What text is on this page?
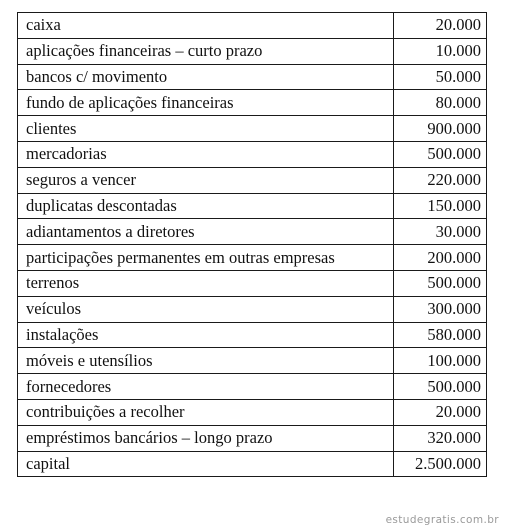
caixa	20.000
aplicações financeiras – curto prazo	10.000
bancos c/ movimento	50.000
fundo de aplicações financeiras	80.000
clientes	900.000
mercadorias	500.000
seguros a vencer	220.000
duplicatas descontadas	150.000
adiantamentos a diretores	30.000
participações permanentes em outras empresas	200.000
terrenos	500.000
veículos	300.000
instalações	580.000
móveis e utensílios	100.000
fornecedores	500.000
contribuições a recolher	20.000
empréstimos bancários – longo prazo	320.000
capital	2.500.000
estudegratis.com.br
